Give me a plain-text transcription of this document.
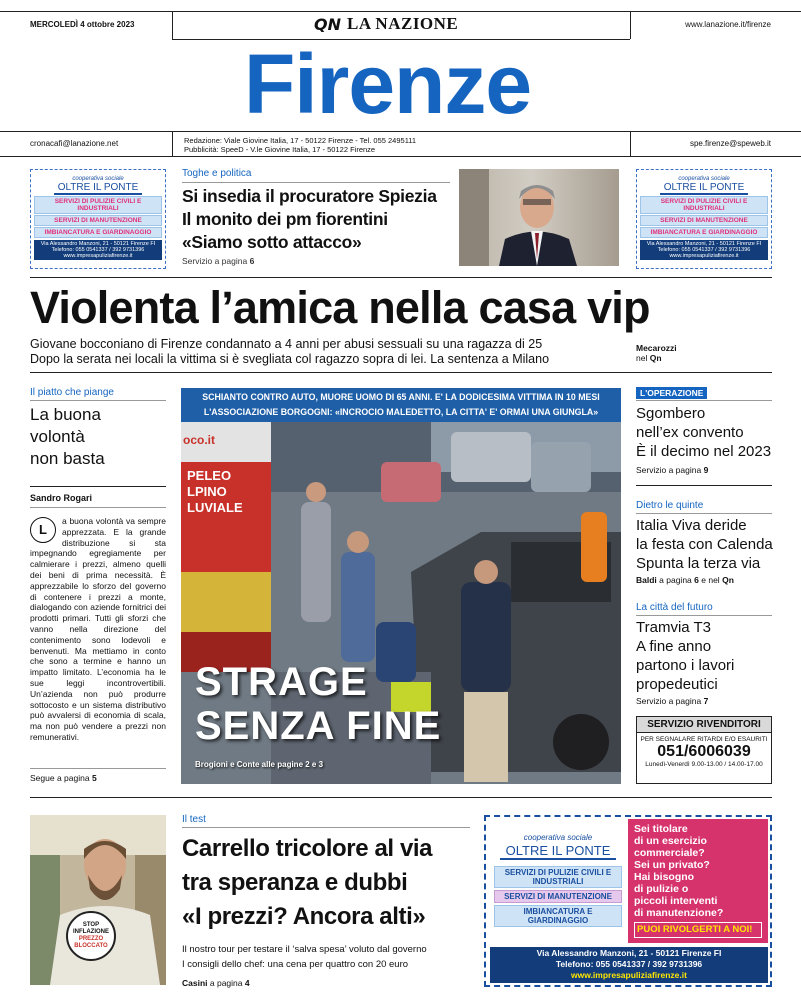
MERCOLEDÌ 4 ottobre 2023	QN LA NAZIONE	www.lanazione.it/firenze
Firenze
cronacafi@lanazione.net	Redazione: Viale Giovine Italia, 17 - 50122 Firenze - Tel. 055 2495111
Pubblicità: SpeeD - V.le Giovine Italia, 17 - 50122 Firenze
spe.firenze@speweb.it
cooperativa sociale
OLTRE IL PONTE
SERVIZI DI PULIZIE CIVILI E INDUSTRIALI
SERVIZI DI MANUTENZIONE
IMBIANCATURA E GIARDINAGGIO
Via Alessandro Manzoni, 21 - 50121 Firenze FI
Telefono: 055 0541337 / 392 9731396
www.impresapuliziafirenze.it
cooperativa sociale
OLTRE IL PONTE
SERVIZI DI PULIZIE CIVILI E INDUSTRIALI
SERVIZI DI MANUTENZIONE
IMBIANCATURA E GIARDINAGGIO
Via Alessandro Manzoni, 21 - 50121 Firenze FI
Telefono: 055 0541337 / 392 9731396
www.impresapuliziafirenze.it
Toghe e politica
Si insedia il procuratore Spiezia
Il monito dei pm fiorentini
«Siamo sotto attacco»
Servizio a pagina 6
Violenta l’amica nella casa vip
Giovane bocconiano di Firenze condannato a 4 anni per abusi sessuali su una ragazza di 25
Dopo la serata nei locali la vittima si è svegliata col ragazzo sopra di lei. La sentenza a Milano
Mecarozzi
nel Qn
Il piatto che piange
La buona
volontà
non basta
Sandro Rogari
L
a buona volontà va sempre apprezzata. E la grande distribuzione si sta impegnando egregiamente per calmierare i prezzi, almeno quelli dei beni di prima necessità. È apprezzabile lo sforzo del governo di contenere i prezzi a monte, dialogando con aziende fornitrici dei prodotti primari. Tutti gli sforzi che vanno nella direzione del contenimento sono lodevoli e benvenuti. Ma mettiamo in conto che sono a termine e hanno un impatto limitato. L’economia ha le sue leggi incontrovertibili. Un’azienda non può produrre sottocosto e un sistema distributivo può avvalersi di economia di scala, ma non può vendere a prezzi non remunerativi.
Segue a pagina 5
SCHIANTO CONTRO AUTO, MUORE UOMO DI 65 ANNI. E' LA DODICESIMA VITTIMA IN 10 MESI
L'ASSOCIAZIONE BORGOGNI: «INCROCIO MALEDETTO, LA CITTA' E' ORMAI UNA GIUNGLA»
PELEO LPINO LUVIALE
oco.it
STRAGE
SENZA FINE
Brogioni e Conte alle pagine 2 e 3
L'OPERAZIONE
Sgombero
nell’ex convento
È il decimo nel 2023
Servizio a pagina 9
Dietro le quinte
Italia Viva deride
la festa con Calenda
Spunta la terza via
Baldi a pagina 6 e nel Qn
La città del futuro
Tramvia T3
A fine anno
partono i lavori
propedeutici
Servizio a pagina 7
SERVIZIO RIVENDITORI
PER SEGNALARE RITARDI E/O ESAURITI
051/6006039
Lunedì-Venerdì 9.00-13.00 / 14.00-17.00
STOP
INFLAZIONE
PREZZO
BLOCCATO
Il test
Carrello tricolore al via
tra speranza e dubbi
«I prezzi? Ancora alti»
Il nostro tour per testare il ‘salva spesa’ voluto dal governo
I consigli dello chef: una cena per quattro con 20 euro
Casini a pagina 4
cooperativa sociale
OLTRE IL PONTE
SERVIZI DI PULIZIE CIVILI E INDUSTRIALI
SERVIZI DI MANUTENZIONE
IMBIANCATURA E GIARDINAGGIO
Sei titolare
di un esercizio
commerciale?
Sei un privato?
Hai bisogno
di pulizie o
piccoli interventi
di manutenzione?
PUOI RIVOLGERTI A NOI!
Via Alessandro Manzoni, 21 - 50121 Firenze FI
Telefono: 055 0541337 / 392 9731396
www.impresapuliziafirenze.it
